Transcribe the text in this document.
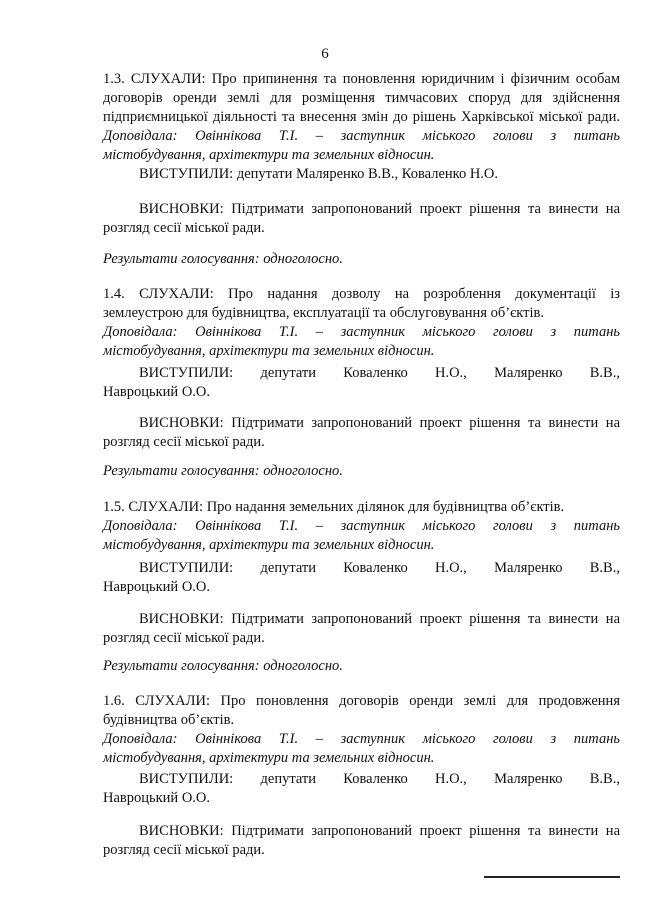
6
1.3. СЛУХАЛИ: Про припинення та поновлення юридичним і фізичним особам
договорів оренди землі для розміщення тимчасових споруд для здійснення
підприємницької діяльності та внесення змін до рішень Харківської міської ради.
Доповідала: Овіннікова Т.І. – заступник міського голови з питань
містобудування, архітектури та земельних відносин.
ВИСТУПИЛИ: депутати Маляренко В.В., Коваленко Н.О.
ВИСНОВКИ: Підтримати запропонований проект рішення та винести на
розгляд сесії міської ради.
Результати голосування: одноголосно.
1.4. СЛУХАЛИ: Про надання дозволу на розроблення документації із
землеустрою для будівництва, експлуатації та обслуговування об’єктів.
Доповідала: Овіннікова Т.І. – заступник міського голови з питань
містобудування, архітектури та земельних відносин.
ВИСТУПИЛИ: депутати Коваленко Н.О., Маляренко В.В.,
Навроцький О.О.
ВИСНОВКИ: Підтримати запропонований проект рішення та винести на
розгляд сесії міської ради.
Результати голосування: одноголосно.
1.5. СЛУХАЛИ: Про надання земельних ділянок для будівництва об’єктів.
Доповідала: Овіннікова Т.І. – заступник міського голови з питань
містобудування, архітектури та земельних відносин.
ВИСТУПИЛИ: депутати Коваленко Н.О., Маляренко В.В.,
Навроцький О.О.
ВИСНОВКИ: Підтримати запропонований проект рішення та винести на
розгляд сесії міської ради.
Результати голосування: одноголосно.
1.6. СЛУХАЛИ: Про поновлення договорів оренди землі для продовження
будівництва об’єктів.
Доповідала: Овіннікова Т.І. – заступник міського голови з питань
містобудування, архітектури та земельних відносин.
ВИСТУПИЛИ: депутати Коваленко Н.О., Маляренко В.В.,
Навроцький О.О.
ВИСНОВКИ: Підтримати запропонований проект рішення та винести на
розгляд сесії міської ради.
